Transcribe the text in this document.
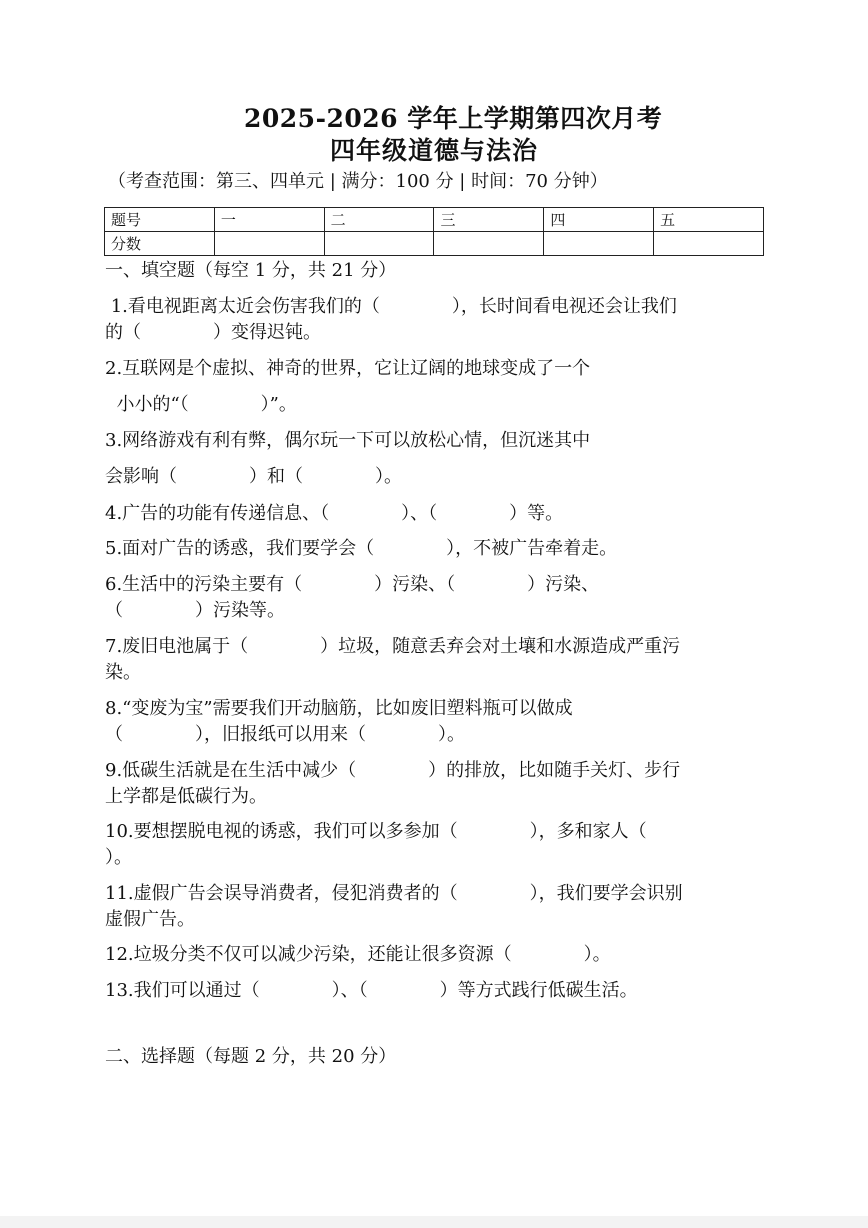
2025-2026 学年上学期第四次月考
四年级道德与法治
（考查范围：第三、四单元 | 满分：100 分 | 时间：70 分钟）
题号	一	二	三	四	五
分数					
一、填空题（每空 1 分，共 21 分）
1.看电视距离太近会伤害我们的（　　　　），长时间看电视还会让我们
的（　　　　）变得迟钝。
2.互联网是个虚拟、神奇的世界，它让辽阔的地球变成了一个
小小的“（　　　　）”。
3.网络游戏有利有弊，偶尔玩一下可以放松心情，但沉迷其中
会影响（　　　　）和（　　　　）。
4.广告的功能有传递信息、（　　　　）、（　　　　）等。
5.面对广告的诱惑，我们要学会（　　　　），不被广告牵着走。
6.生活中的污染主要有（　　　　）污染、（　　　　）污染、
（　　　　）污染等。
7.废旧电池属于（　　　　）垃圾，随意丢弃会对土壤和水源造成严重污
染。
8.“变废为宝”需要我们开动脑筋，比如废旧塑料瓶可以做成
（　　　　），旧报纸可以用来（　　　　）。
9.低碳生活就是在生活中减少（　　　　）的排放，比如随手关灯、步行
上学都是低碳行为。
10.要想摆脱电视的诱惑，我们可以多参加（　　　　），多和家人（
）。
11.虚假广告会误导消费者，侵犯消费者的（　　　　），我们要学会识别
虚假广告。
12.垃圾分类不仅可以减少污染，还能让很多资源（　　　　）。
13.我们可以通过（　　　　）、（　　　　）等方式践行低碳生活。
二、选择题（每题 2 分，共 20 分）
